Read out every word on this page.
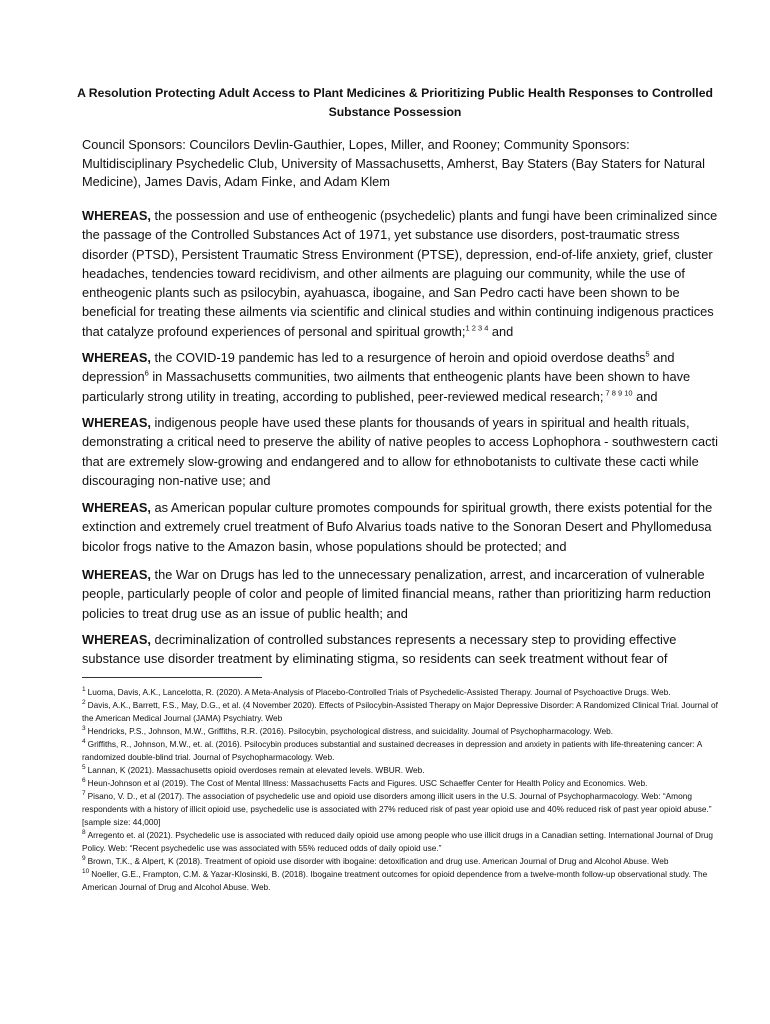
A Resolution Protecting Adult Access to Plant Medicines & Prioritizing Public Health Responses to Controlled Substance Possession

Council Sponsors: Councilors Devlin-Gauthier, Lopes, Miller, and Rooney; Community Sponsors: Multidisciplinary Psychedelic Club, University of Massachusetts, Amherst, Bay Staters (Bay Staters for Natural Medicine), James Davis, Adam Finke, and Adam Klem

WHEREAS, the possession and use of entheogenic (psychedelic) plants and fungi have been criminalized since the passage of the Controlled Substances Act of 1971, yet substance use disorders, post-traumatic stress disorder (PTSD), Persistent Traumatic Stress Environment (PTSE), depression, end-of-life anxiety, grief, cluster headaches, tendencies toward recidivism, and other ailments are plaguing our community, while the use of entheogenic plants such as psilocybin, ayahuasca, ibogaine, and San Pedro cacti have been shown to be beneficial for treating these ailments via scientific and clinical studies and within continuing indigenous practices that catalyze profound experiences of personal and spiritual growth;$^{1 2 3 4}$ and

WHEREAS, the COVID-19 pandemic has led to a resurgence of heroin and opioid overdose deaths$^5$ and depression$^6$ in Massachusetts communities, two ailments that entheogenic plants have been shown to have particularly strong utility in treating, according to published, peer-reviewed medical research; $^{7 8 9 10}$ and

WHEREAS, indigenous people have used these plants for thousands of years in spiritual and health rituals, demonstrating a critical need to preserve the ability of native peoples to access Lophophora - southwestern cacti that are extremely slow-growing and endangered and to allow for ethnobotanists to cultivate these cacti while discouraging non-native use; and

WHEREAS, as American popular culture promotes compounds for spiritual growth, there exists potential for the extinction and extremely cruel treatment of Bufo Alvarius toads native to the Sonoran Desert and Phyllomedusa bicolor frogs native to the Amazon basin, whose populations should be protected; and

WHEREAS, the War on Drugs has led to the unnecessary penalization, arrest, and incarceration of vulnerable people, particularly people of color and people of limited financial means, rather than prioritizing harm reduction policies to treat drug use as an issue of public health; and

WHEREAS, decriminalization of controlled substances represents a necessary step to providing effective substance use disorder treatment by eliminating stigma, so residents can seek treatment without fear of

$^1$ Luoma, Davis, A.K., Lancelotta, R. (2020). A Meta-Analysis of Placebo-Controlled Trials of Psychedelic-Assisted Therapy. Journal of Psychoactive Drugs. Web.

$^2$ Davis, A.K., Barrett, F.S., May, D.G., et al. (4 November 2020). Effects of Psilocybin-Assisted Therapy on Major Depressive Disorder: A Randomized Clinical Trial. Journal of the American Medical Journal (JAMA) Psychiatry. Web

$^3$ Hendricks, P.S., Johnson, M.W., Griffiths, R.R. (2016). Psilocybin, psychological distress, and suicidality. Journal of Psychopharmacology. Web.

$^4$ Griffiths, R., Johnson, M.W., et. al. (2016). Psilocybin produces substantial and sustained decreases in depression and anxiety in patients with life-threatening cancer: A randomized double-blind trial. Journal of Psychopharmacology. Web.

$^5$ Lannan, K (2021). Massachusetts opioid overdoses remain at elevated levels. WBUR. Web.

$^6$ Heun-Johnson et al (2019). The Cost of Mental Illness: Massachusetts Facts and Figures. USC Schaeffer Center for Health Policy and Economics. Web.

$^7$ Pisano, V. D., et al (2017). The association of psychedelic use and opioid use disorders among illicit users in the U.S. Journal of Psychopharmacology. Web: “Among respondents with a history of illicit opioid use, psychedelic use is associated with 27% reduced risk of past year opioid use and 40% reduced risk of past year opioid abuse.” [sample size: 44,000]

$^8$ Arregento et. al (2021). Psychedelic use is associated with reduced daily opioid use among people who use illicit drugs in a Canadian setting. International Journal of Drug Policy. Web: “Recent psychedelic use was associated with 55% reduced odds of daily opioid use.”

$^9$ Brown, T.K., & Alpert, K (2018). Treatment of opioid use disorder with ibogaine: detoxification and drug use. American Journal of Drug and Alcohol Abuse. Web

$^{10}$ Noeller, G.E., Frampton, C.M. & Yazar-Klosinski, B. (2018). Ibogaine treatment outcomes for opioid dependence from a twelve-month follow-up observational study. The American Journal of Drug and Alcohol Abuse. Web.
